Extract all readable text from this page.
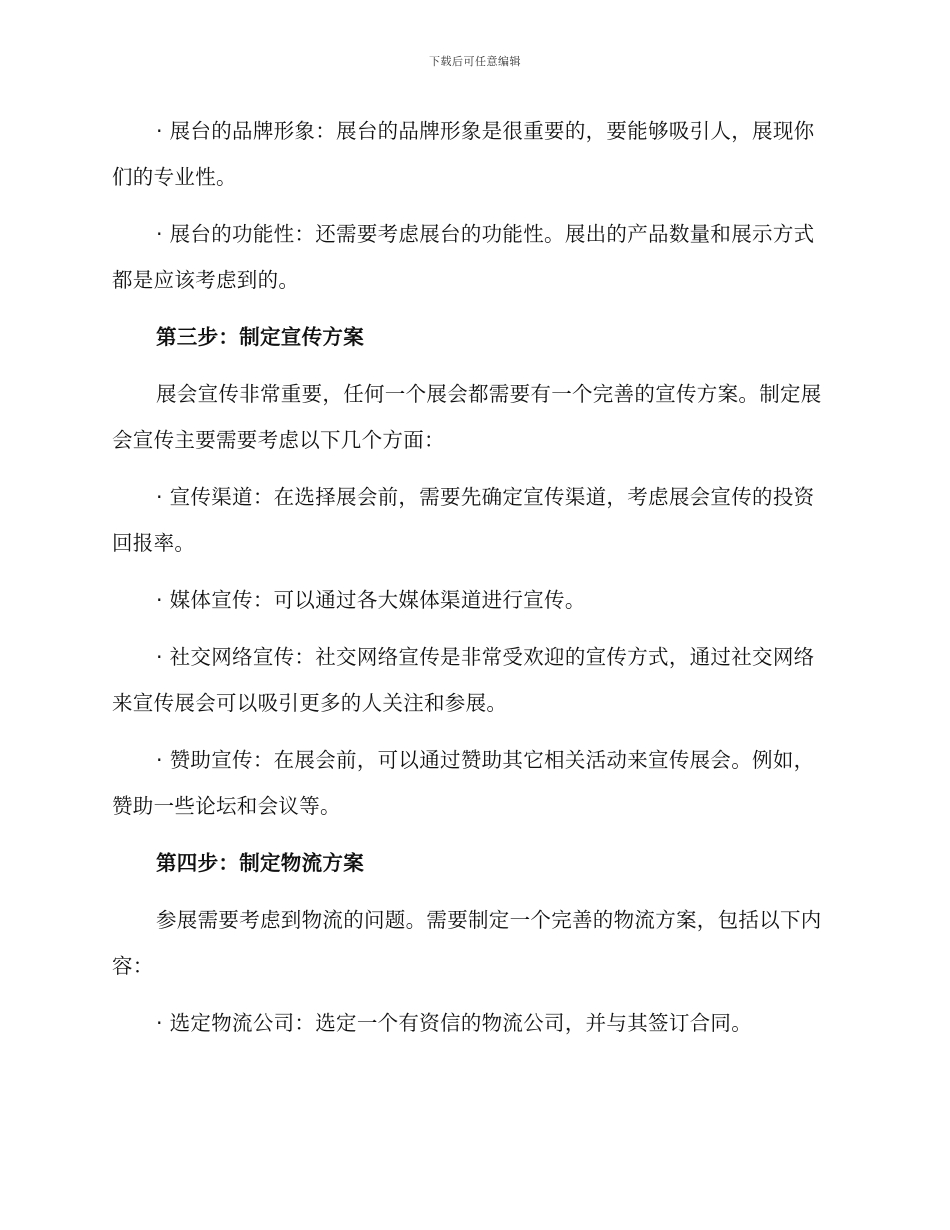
下载后可任意编辑

· 展台的品牌形象：展台的品牌形象是很重要的，要能够吸引人，展现你们的专业性。

· 展台的功能性：还需要考虑展台的功能性。展出的产品数量和展示方式都是应该考虑到的。

第三步：制定宣传方案

展会宣传非常重要，任何一个展会都需要有一个完善的宣传方案。制定展会宣传主要需要考虑以下几个方面：

· 宣传渠道：在选择展会前，需要先确定宣传渠道，考虑展会宣传的投资回报率。

· 媒体宣传：可以通过各大媒体渠道进行宣传。

· 社交网络宣传：社交网络宣传是非常受欢迎的宣传方式，通过社交网络来宣传展会可以吸引更多的人关注和参展。

· 赞助宣传：在展会前，可以通过赞助其它相关活动来宣传展会。例如，赞助一些论坛和会议等。

第四步：制定物流方案

参展需要考虑到物流的问题。需要制定一个完善的物流方案，包括以下内容：

· 选定物流公司：选定一个有资信的物流公司，并与其签订合同。
